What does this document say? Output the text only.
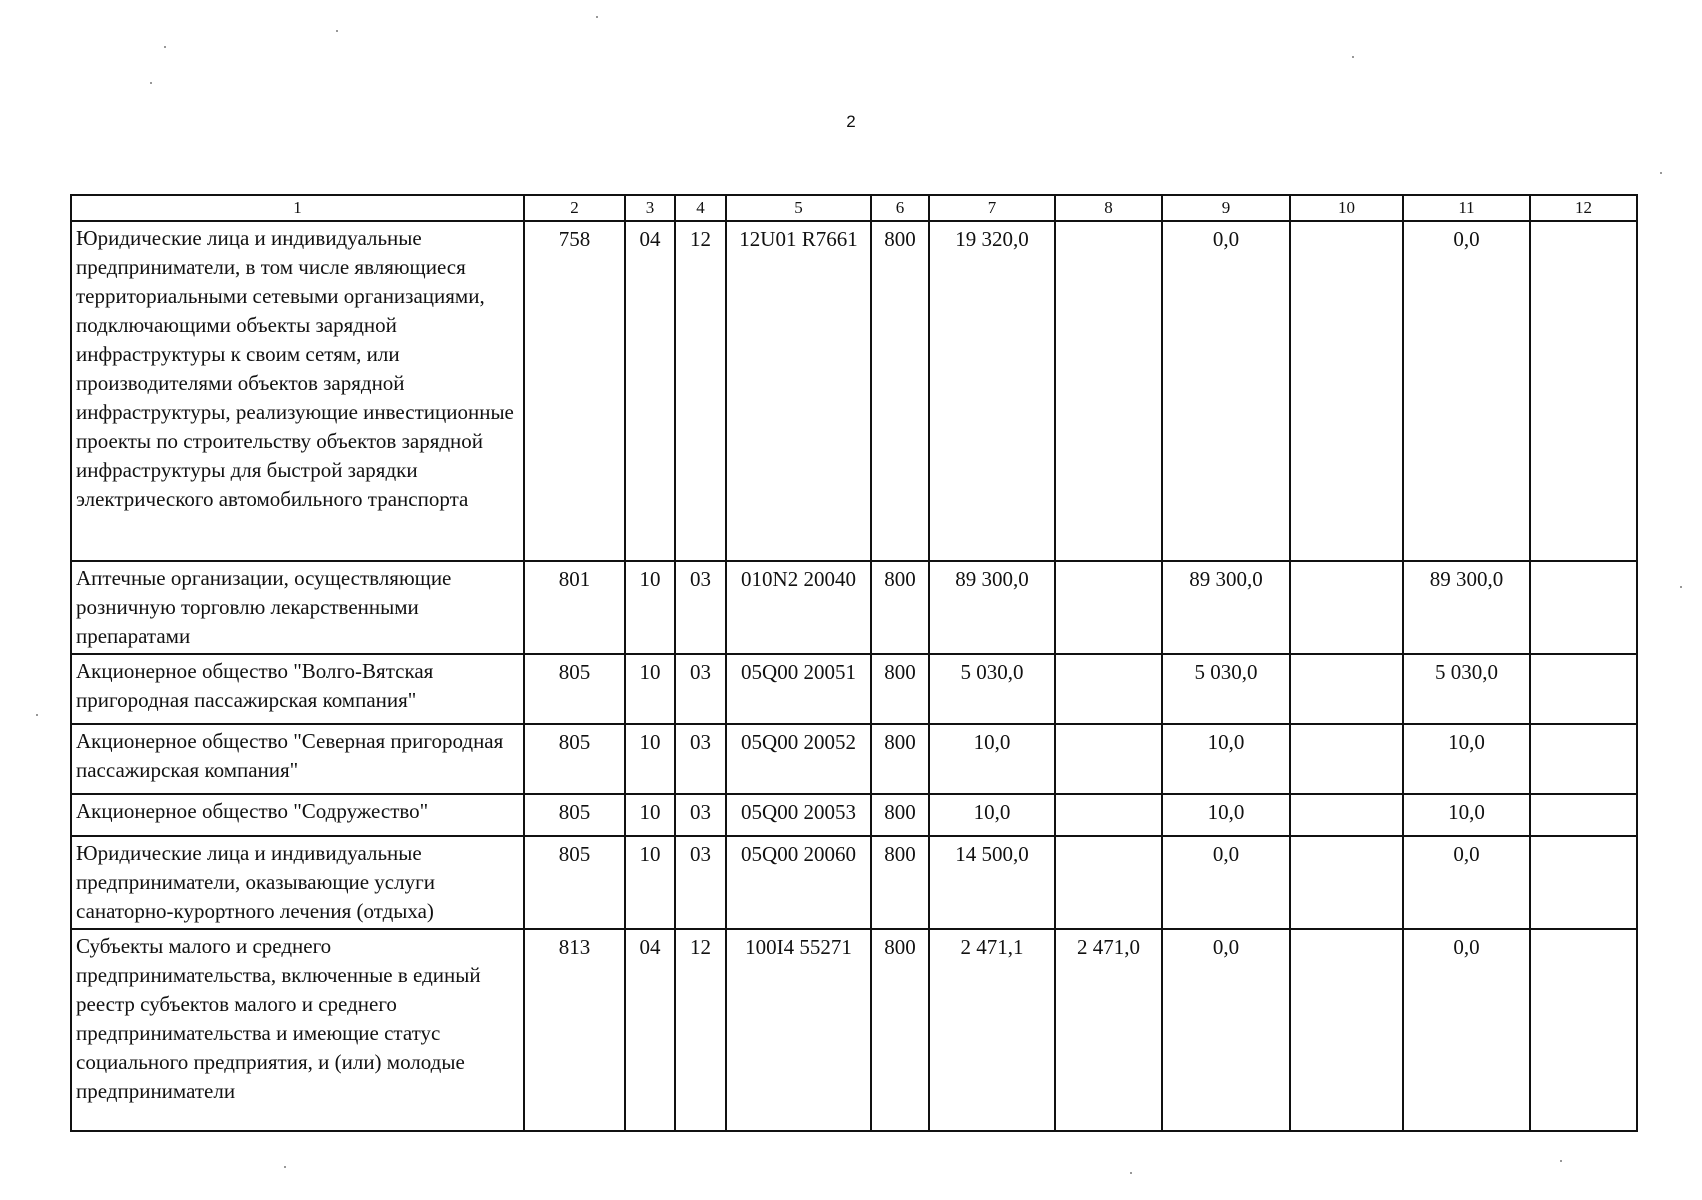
2
1	2	3	4	5	6	7	8	9	10	11	12
Юридические лица и индивидуальные предприниматели, в том числе являющиеся территориальными сетевыми организациями, подключающими объекты зарядной инфраструктуры к своим сетям, или производителями объектов зарядной инфраструктуры, реализующие инвестиционные проекты по строительству объектов зарядной инфраструктуры для быстрой зарядки электрического автомобильного транспорта	758	04	12	12U01 R7661	800	19 320,0		0,0		0,0	
Аптечные организации, осуществляющие розничную торговлю лекарственными препаратами	801	10	03	010N2 20040	800	89 300,0		89 300,0		89 300,0	
Акционерное общество "Волго-Вятская пригородная пассажирская компания"	805	10	03	05Q00 20051	800	5 030,0		5 030,0		5 030,0	
Акционерное общество "Северная пригородная пассажирская компания"	805	10	03	05Q00 20052	800	10,0		10,0		10,0	
Акционерное общество "Содружество"	805	10	03	05Q00 20053	800	10,0		10,0		10,0	
Юридические лица и индивидуальные предприниматели, оказывающие услуги санаторно-курортного лечения (отдыха)	805	10	03	05Q00 20060	800	14 500,0		0,0		0,0	
Субъекты малого и среднего предпринимательства, включенные в единый реестр субъектов малого и среднего предпринимательства и имеющие статус социального предприятия, и (или) молодые предприниматели	813	04	12	100I4 55271	800	2 471,1	2 471,0	0,0		0,0	
